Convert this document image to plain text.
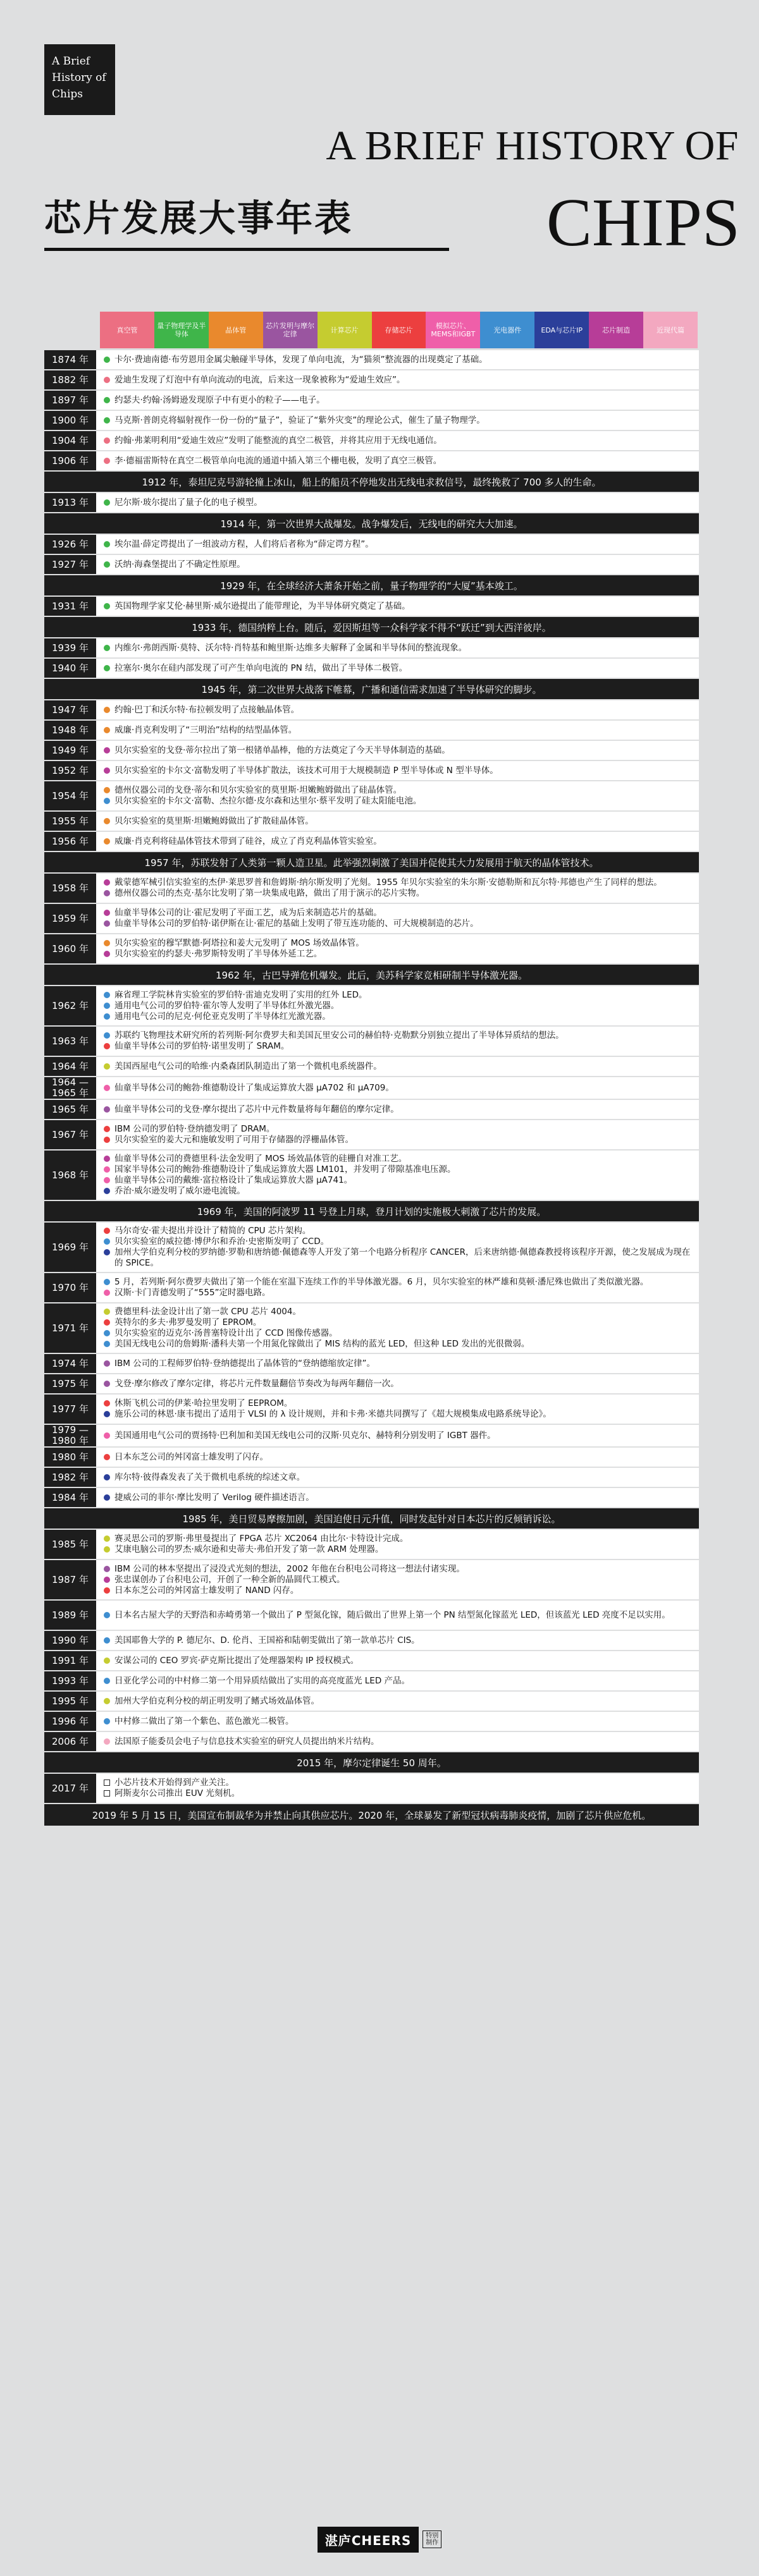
A Brief
History of
Chips
A BRIEF HISTORY OF
芯片发展大事年表	CHIPS
真空管	量子物理学及半导体	晶体管	芯片发明与摩尔定律	计算芯片	存储芯片	模拟芯片、MEMS和IGBT	光电器件	EDA与芯片IP	芯片制造	近现代篇
1874 年	卡尔·费迪南德·布劳恩用金属尖触碰半导体，发现了单向电流，为“猫须”整流器的出现奠定了基础。
1882 年	爱迪生发现了灯泡中有单向流动的电流，后来这一现象被称为“爱迪生效应”。
1897 年	约瑟夫·约翰·汤姆逊发现原子中有更小的粒子——电子。
1900 年	马克斯·普朗克将辐射视作一份一份的“量子”，验证了“紫外灾变”的理论公式，催生了量子物理学。
1904 年	约翰·弗莱明利用“爱迪生效应”发明了能整流的真空二极管，并将其应用于无线电通信。
1906 年	李·德福雷斯特在真空二极管单向电流的通道中插入第三个栅电极，发明了真空三极管。
1912 年，泰坦尼克号游轮撞上冰山，船上的船员不停地发出无线电求救信号，最终挽救了 700 多人的生命。
1913 年	尼尔斯·玻尔提出了量子化的电子模型。
1914 年，第一次世界大战爆发。战争爆发后，无线电的研究大大加速。
1926 年	埃尔温·薛定谔提出了一组波动方程，人们将后者称为“薛定谔方程”。
1927 年	沃纳·海森堡提出了不确定性原理。
1929 年，在全球经济大萧条开始之前，量子物理学的“大厦”基本竣工。
1931 年	英国物理学家艾伦·赫里斯·威尔逊提出了能带理论，为半导体研究奠定了基础。
1933 年，德国纳粹上台。随后，爱因斯坦等一众科学家不得不“跃迁”到大西洋彼岸。
1939 年	内维尔·弗朗西斯·莫特、沃尔特·肖特基和鲍里斯·达维多夫解释了金属和半导体间的整流现象。
1940 年	拉塞尔·奥尔在硅内部发现了可产生单向电流的 PN 结，做出了半导体二极管。
1945 年，第二次世界大战落下帷幕，广播和通信需求加速了半导体研究的脚步。
1947 年	约翰·巴丁和沃尔特·布拉顿发明了点接触晶体管。
1948 年	威廉·肖克利发明了“三明治”结构的结型晶体管。
1949 年	贝尔实验室的戈登·蒂尔拉出了第一根锗单晶棒，他的方法奠定了今天半导体制造的基础。
1952 年	贝尔实验室的卡尔文·富勒发明了半导体扩散法，该技术可用于大规模制造 P 型半导体或 N 型半导体。
1954 年	德州仪器公司的戈登·蒂尔和贝尔实验室的莫里斯·坦嫩鲍姆做出了硅晶体管。
贝尔实验室的卡尔文·富勒、杰拉尔德·皮尔森和达里尔·蔡平发明了硅太阳能电池。
1955 年	贝尔实验室的莫里斯·坦嫩鲍姆做出了扩散硅晶体管。
1956 年	威廉·肖克利将硅晶体管技术带到了硅谷，成立了肖克利晶体管实验室。
1957 年，苏联发射了人类第一颗人造卫星。此举强烈刺激了美国并促使其大力发展用于航天的晶体管技术。
1958 年	戴蒙德军械引信实验室的杰伊·莱思罗普和詹姆斯·纳尔斯发明了光刻。1955 年贝尔实验室的朱尔斯·安德勒斯和瓦尔特·邦德也产生了同样的想法。
德州仪器公司的杰克·基尔比发明了第一块集成电路，做出了用于演示的芯片实物。
1959 年	仙童半导体公司的让·霍尼发明了平面工艺，成为后来制造芯片的基础。
仙童半导体公司的罗伯特·诺伊斯在让·霍尼的基础上发明了带互连功能的、可大规模制造的芯片。
1960 年	贝尔实验室的穆罕默德·阿塔拉和姜大元发明了 MOS 场效晶体管。
贝尔实验室的约瑟夫·弗罗斯特发明了半导体外延工艺。
1962 年，古巴导弹危机爆发。此后，美苏科学家竞相研制半导体激光器。
1962 年
麻省理工学院林肯实验室的罗伯特·雷迪克发明了实用的红外 LED。
通用电气公司的罗伯特·霍尔等人发明了半导体红外激光器。
通用电气公司的尼克·何伦亚克发明了半导体红光激光器。
1963 年	苏联约飞物理技术研究所的若列斯·阿尔费罗夫和美国瓦里安公司的赫伯特·克勒默分别独立提出了半导体异质结的想法。
仙童半导体公司的罗伯特·诺里发明了 SRAM。
1964 年	美国西屋电气公司的哈维·内桑森团队制造出了第一个微机电系统器件。
1964 — 1965 年	仙童半导体公司的鲍勃·维德勒设计了集成运算放大器 μA702 和 μA709。
1965 年	仙童半导体公司的戈登·摩尔提出了芯片中元件数量将每年翻倍的摩尔定律。
1967 年	IBM 公司的罗伯特·登纳德发明了 DRAM。
贝尔实验室的姜大元和施敏发明了可用于存储器的浮栅晶体管。
1968 年
仙童半导体公司的费德里科·法金发明了 MOS 场效晶体管的硅栅自对准工艺。
国家半导体公司的鲍勃·维德勒设计了集成运算放大器 LM101，并发明了带隙基准电压源。
仙童半导体公司的戴维·富拉格设计了集成运算放大器 μA741。
乔治·威尔逊发明了威尔逊电流镜。
1969 年，美国的阿波罗 11 号登上月球，登月计划的实施极大刺激了芯片的发展。
1969 年
马尔奇安·霍夫提出并设计了精简的 CPU 芯片架构。
贝尔实验室的威拉德·博伊尔和乔治·史密斯发明了 CCD。
加州大学伯克利分校的罗纳德·罗勒和唐纳德·佩德森等人开发了第一个电路分析程序 CANCER，后来唐纳德·佩德森教授将该程序开源，使之发展成为现在的 SPICE。
1970 年	5 月，若列斯·阿尔费罗夫做出了第一个能在室温下连续工作的半导体激光器。6 月，贝尔实验室的林严雄和莫顿·潘尼殊也做出了类似激光器。
汉斯·卡门青德发明了“555”定时器电路。
1971 年
费德里科·法金设计出了第一款 CPU 芯片 4004。
英特尔的多夫·弗罗曼发明了 EPROM。
贝尔实验室的迈克尔·汤普塞特设计出了 CCD 图像传感器。
美国无线电公司的詹姆斯·潘科夫第一个用氮化镓做出了 MIS 结构的蓝光 LED，但这种 LED 发出的光很微弱。
1974 年	IBM 公司的工程师罗伯特·登纳德提出了晶体管的“登纳德缩放定律”。
1975 年	戈登·摩尔修改了摩尔定律，将芯片元件数量翻倍节奏改为每两年翻倍一次。
1977 年	休斯飞机公司的伊莱·哈拉里发明了 EEPROM。
施乐公司的林恩·康韦提出了适用于 VLSI 的 λ 设计规则，并和卡弗·米德共同撰写了《超大规模集成电路系统导论》。
1979 — 1980 年	美国通用电气公司的贾扬特·巴利加和美国无线电公司的汉斯·贝克尔、赫特利分别发明了 IGBT 器件。
1980 年	日本东芝公司的舛冈富士雄发明了闪存。
1982 年	库尔特·彼得森发表了关于微机电系统的综述文章。
1984 年	捷威公司的菲尔·摩比发明了 Verilog 硬件描述语言。
1985 年，美日贸易摩擦加剧，美国迫使日元升值，同时发起针对日本芯片的反倾销诉讼。
1985 年	赛灵思公司的罗斯·弗里曼提出了 FPGA 芯片 XC2064 由比尔·卡特设计完成。
艾康电脑公司的罗杰·威尔逊和史蒂夫·弗伯开发了第一款 ARM 处理器。
1987 年
IBM 公司的林本坚提出了浸没式光刻的想法，2002 年他在台积电公司将这一想法付诸实现。
张忠谋创办了台积电公司，开创了一种全新的晶圆代工模式。
日本东芝公司的舛冈富士雄发明了 NAND 闪存。
1989 年	日本名古屋大学的天野浩和赤崎勇第一个做出了 P 型氮化镓，随后做出了世界上第一个 PN 结型氮化镓蓝光 LED，但该蓝光 LED 亮度不足以实用。
1990 年	美国耶鲁大学的 P. 德尼尔、D. 伦肖、王国裕和陆朝雯做出了第一款单芯片 CIS。
1991 年	安谋公司的 CEO 罗宾·萨克斯比提出了处理器架构 IP 授权模式。
1993 年	日亚化学公司的中村修二第一个用异质结做出了实用的高亮度蓝光 LED 产品。
1995 年	加州大学伯克利分校的胡正明发明了鳍式场效晶体管。
1996 年	中村修二做出了第一个紫色、蓝色激光二极管。
2006 年	法国原子能委员会电子与信息技术实验室的研究人员提出纳米片结构。
2015 年，摩尔定律诞生 50 周年。
2017 年	小芯片技术开始得到产业关注。
阿斯麦尔公司推出 EUV 光刻机。
2019 年 5 月 15 日，美国宣布制裁华为并禁止向其供应芯片。2020 年，全球暴发了新型冠状病毒肺炎疫情，加剧了芯片供应危机。
湛庐CHEERS	特别制作
